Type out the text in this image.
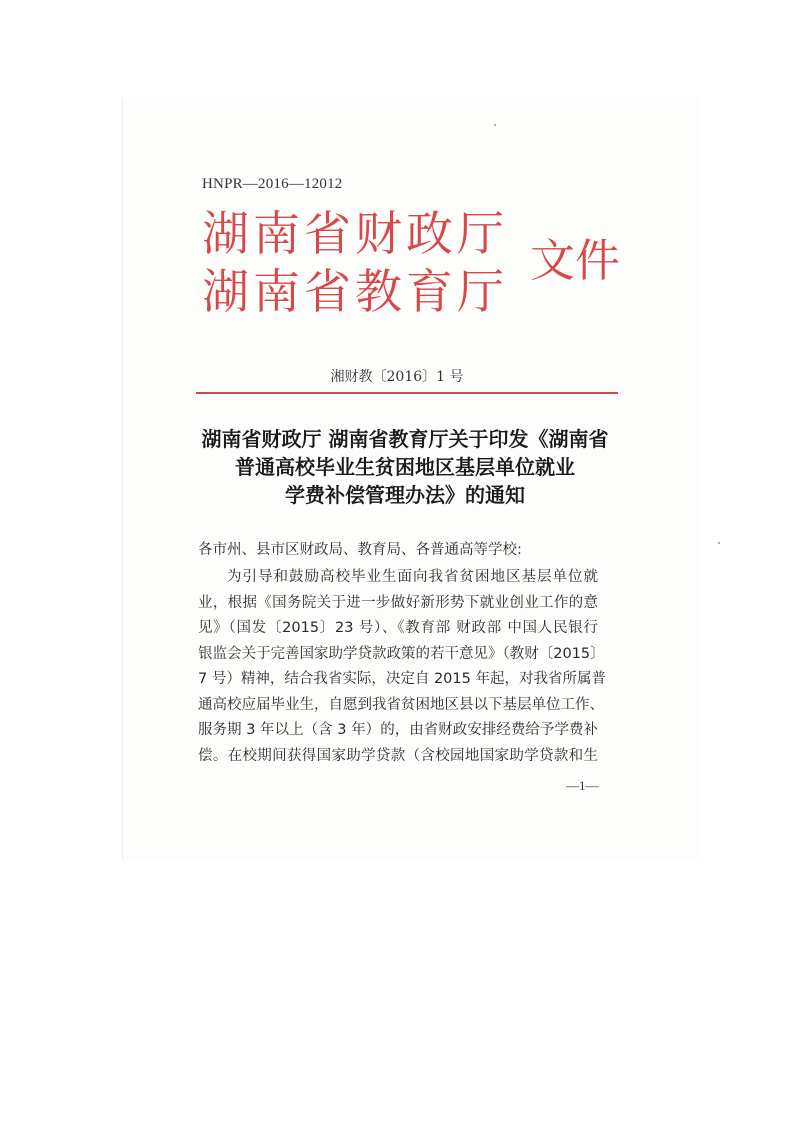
HNPR—2016—12012
湖南省财政厅
湖南省教育厅
文件
湘财教〔2016〕1 号
湖南省财政厅 湖南省教育厅关于印发《湖南省
普通高校毕业生贫困地区基层单位就业
学费补偿管理办法》的通知
各市州、县市区财政局、教育局、各普通高等学校:
为引导和鼓励高校毕业生面向我省贫困地区基层单位就
业，根据《国务院关于进一步做好新形势下就业创业工作的意
见》（国发〔2015〕23 号）、《教育部 财政部 中国人民银行
银监会关于完善国家助学贷款政策的若干意见》（教财〔2015〕
7 号）精神，结合我省实际，决定自 2015 年起，对我省所属普
通高校应届毕业生，自愿到我省贫困地区县以下基层单位工作、
服务期 3 年以上（含 3 年）的，由省财政安排经费给予学费补
偿。在校期间获得国家助学贷款（含校园地国家助学贷款和生
—1—
